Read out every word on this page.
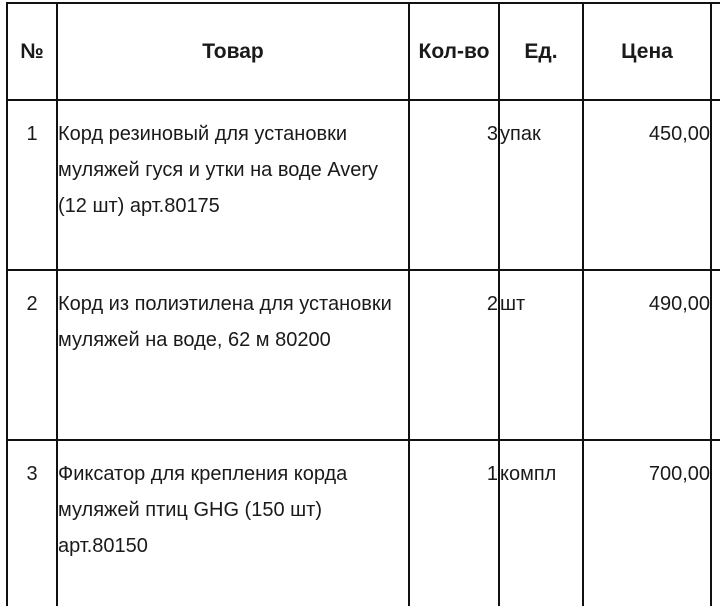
№	Товар	Кол-во	Ед.	Цена	
1	Корд резиновый для установки муляжей гуся и утки на воде Avery (12 шт) арт.80175	3	упак	450,00	
2	Корд из полиэтилена для установки муляжей на воде, 62 м 80200	2	шт	490,00	
3	Фиксатор для крепления корда муляжей птиц GHG (150 шт) арт.80150	1	компл	700,00	
